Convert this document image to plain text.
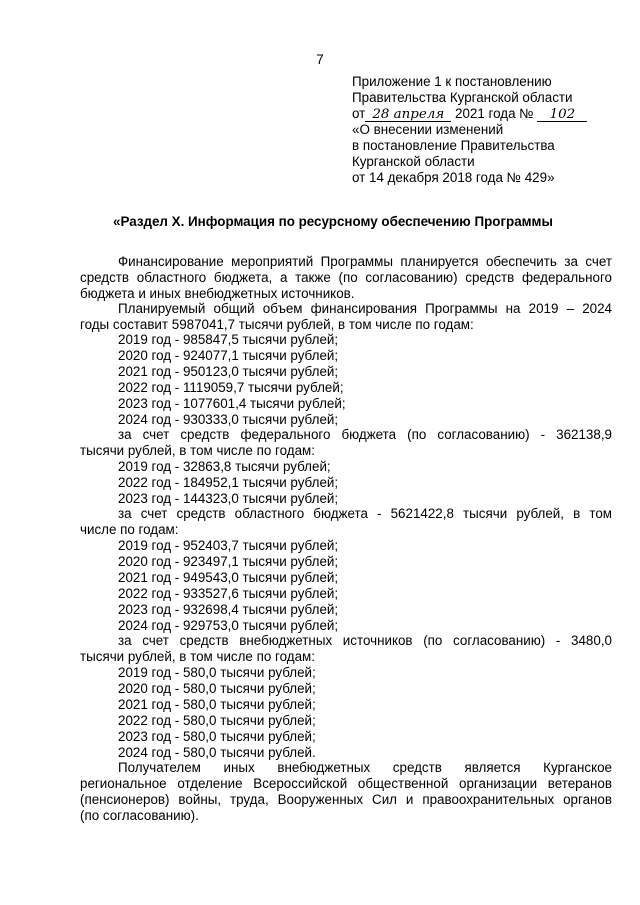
7
Приложение 1 к постановлению
Правительства Курганской области
от 28 апреля 2021 года № 102
«О внесении изменений
в постановление Правительства
Курганской области
от 14 декабря 2018 года № 429»
«Раздел X. Информация по ресурсному обеспечению Программы
Финансирование мероприятий Программы планируется обеспечить за счет
средств областного бюджета, а также (по согласованию) средств федерального
бюджета и иных внебюджетных источников.
Планируемый общий объем финансирования Программы на 2019 – 2024
годы составит 5987041,7 тысячи рублей, в том числе по годам:
2019 год - 985847,5 тысячи рублей;
2020 год - 924077,1 тысячи рублей;
2021 год - 950123,0 тысячи рублей;
2022 год - 1119059,7 тысячи рублей;
2023 год - 1077601,4 тысячи рублей;
2024 год - 930333,0 тысячи рублей;
за счет средств федерального бюджета (по согласованию) - 362138,9
тысячи рублей, в том числе по годам:
2019 год - 32863,8 тысячи рублей;
2022 год - 184952,1 тысячи рублей;
2023 год - 144323,0 тысячи рублей;
за счет средств областного бюджета - 5621422,8 тысячи рублей, в том
числе по годам:
2019 год - 952403,7 тысячи рублей;
2020 год - 923497,1 тысячи рублей;
2021 год - 949543,0 тысячи рублей;
2022 год - 933527,6 тысячи рублей;
2023 год - 932698,4 тысячи рублей;
2024 год - 929753,0 тысячи рублей;
за счет средств внебюджетных источников (по согласованию) - 3480,0
тысячи рублей, в том числе по годам:
2019 год - 580,0 тысячи рублей;
2020 год - 580,0 тысячи рублей;
2021 год - 580,0 тысячи рублей;
2022 год - 580,0 тысячи рублей;
2023 год - 580,0 тысячи рублей;
2024 год - 580,0 тысячи рублей.
Получателем иных внебюджетных средств является Курганское
региональное отделение Всероссийской общественной организации ветеранов
(пенсионеров) войны, труда, Вооруженных Сил и правоохранительных органов
(по согласованию).
